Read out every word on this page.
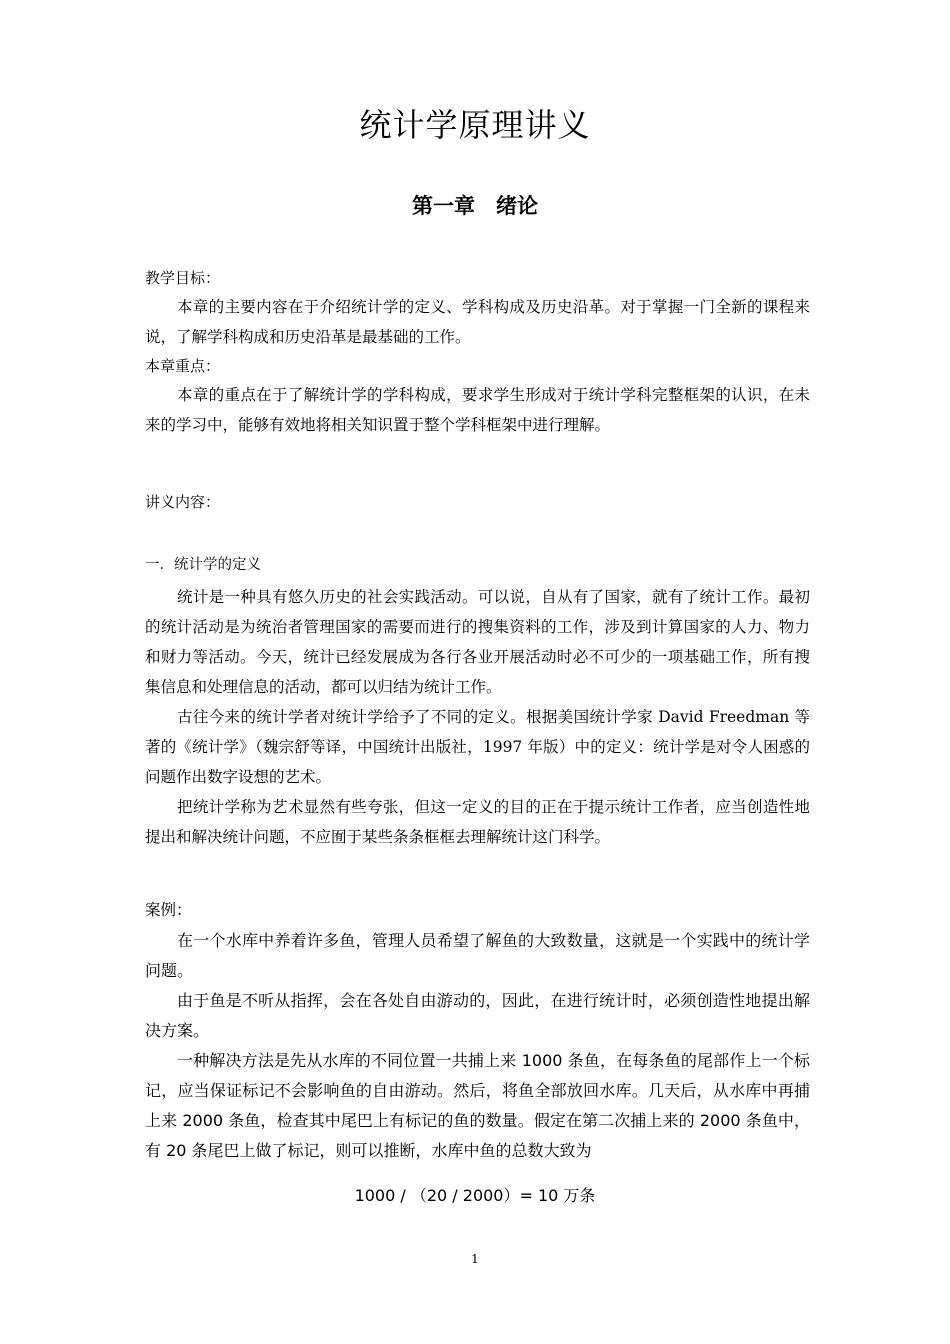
统计学原理讲义
第一章　绪论
教学目标：

本章的主要内容在于介绍统计学的定义、学科构成及历史沿革。对于掌握一门全新的课程来说，了解学科构成和历史沿革是最基础的工作。

本章重点：

本章的重点在于了解统计学的学科构成，要求学生形成对于统计学科完整框架的认识，在未来的学习中，能够有效地将相关知识置于整个学科框架中进行理解。

讲义内容：
一．统计学的定义

统计是一种具有悠久历史的社会实践活动。可以说，自从有了国家，就有了统计工作。最初的统计活动是为统治者管理国家的需要而进行的搜集资料的工作，涉及到计算国家的人力、物力和财力等活动。今天，统计已经发展成为各行各业开展活动时必不可少的一项基础工作，所有搜集信息和处理信息的活动，都可以归结为统计工作。

古往今来的统计学者对统计学给予了不同的定义。根据美国统计学家 David Freedman 等著的《统计学》（魏宗舒等译，中国统计出版社，1997 年版）中的定义：统计学是对令人困惑的问题作出数字设想的艺术。

把统计学称为艺术显然有些夸张，但这一定义的目的正在于提示统计工作者，应当创造性地提出和解决统计问题，不应囿于某些条条框框去理解统计这门科学。

案例：

在一个水库中养着许多鱼，管理人员希望了解鱼的大致数量，这就是一个实践中的统计学问题。

由于鱼是不听从指挥，会在各处自由游动的，因此，在进行统计时，必须创造性地提出解决方案。

一种解决方法是先从水库的不同位置一共捕上来 1000 条鱼，在每条鱼的尾部作上一个标记，应当保证标记不会影响鱼的自由游动。然后，将鱼全部放回水库。几天后，从水库中再捕上来 2000 条鱼，检查其中尾巴上有标记的鱼的数量。假定在第二次捕上来的 2000 条鱼中，有 20 条尾巴上做了标记，则可以推断，水库中鱼的总数大致为

1000 / （20 / 2000）= 10 万条
1
